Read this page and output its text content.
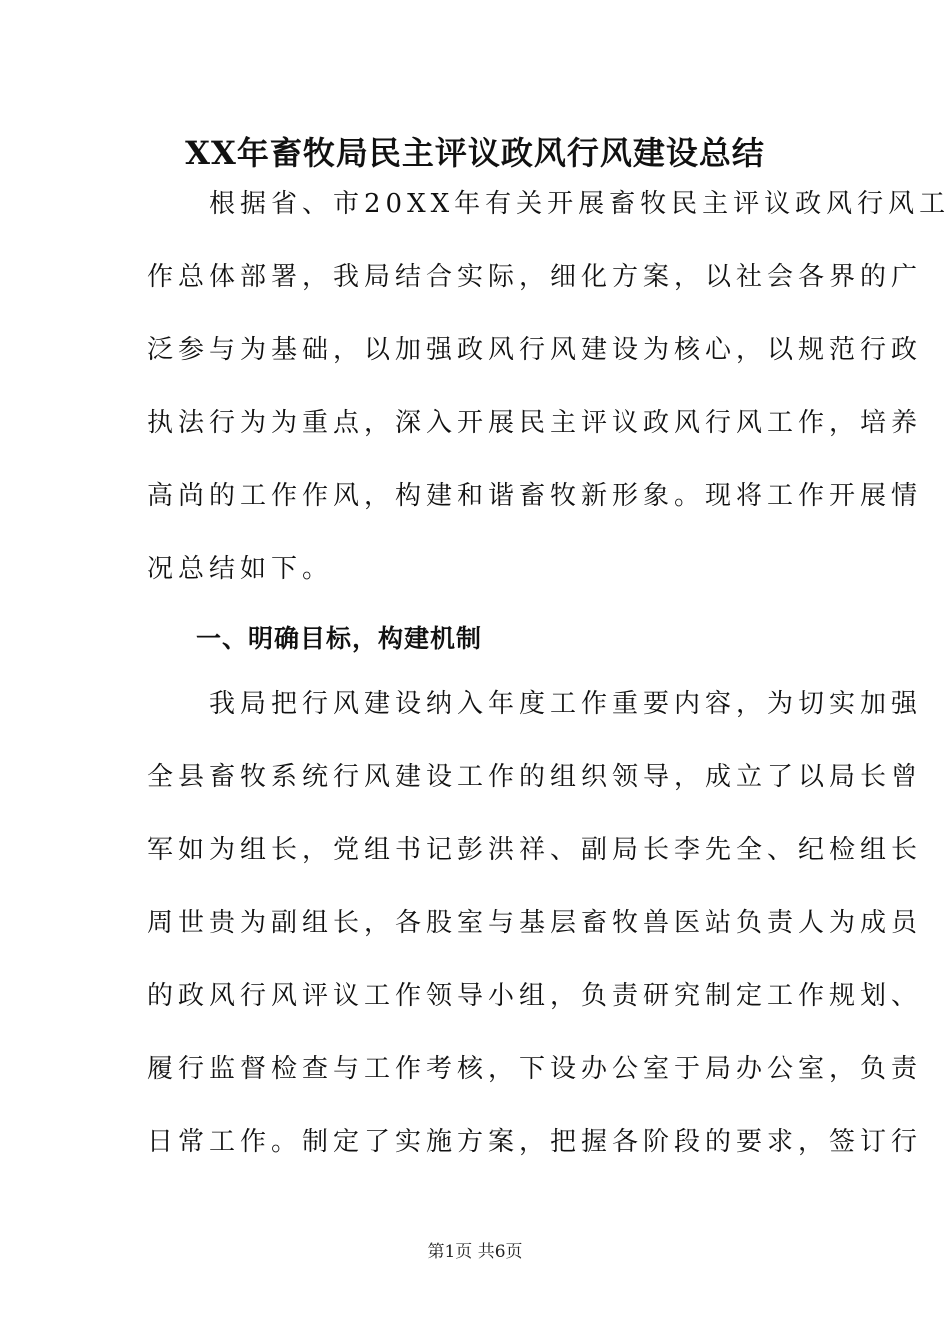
XX年畜牧局民主评议政风行风建设总结

　　根据省、市20XX年有关开展畜牧民主评议政风行风工

作总体部署，我局结合实际，细化方案，以社会各界的广

泛参与为基础，以加强政风行风建设为核心，以规范行政

执法行为为重点，深入开展民主评议政风行风工作，培养

高尚的工作作风，构建和谐畜牧新形象。现将工作开展情

况总结如下。

一、明确目标，构建机制

　　我局把行风建设纳入年度工作重要内容，为切实加强

全县畜牧系统行风建设工作的组织领导，成立了以局长曾

军如为组长，党组书记彭洪祥、副局长李先全、纪检组长

周世贵为副组长，各股室与基层畜牧兽医站负责人为成员

的政风行风评议工作领导小组，负责研究制定工作规划、

履行监督检查与工作考核，下设办公室于局办公室，负责

日常工作。制定了实施方案，把握各阶段的要求，签订行

第1页 共6页
